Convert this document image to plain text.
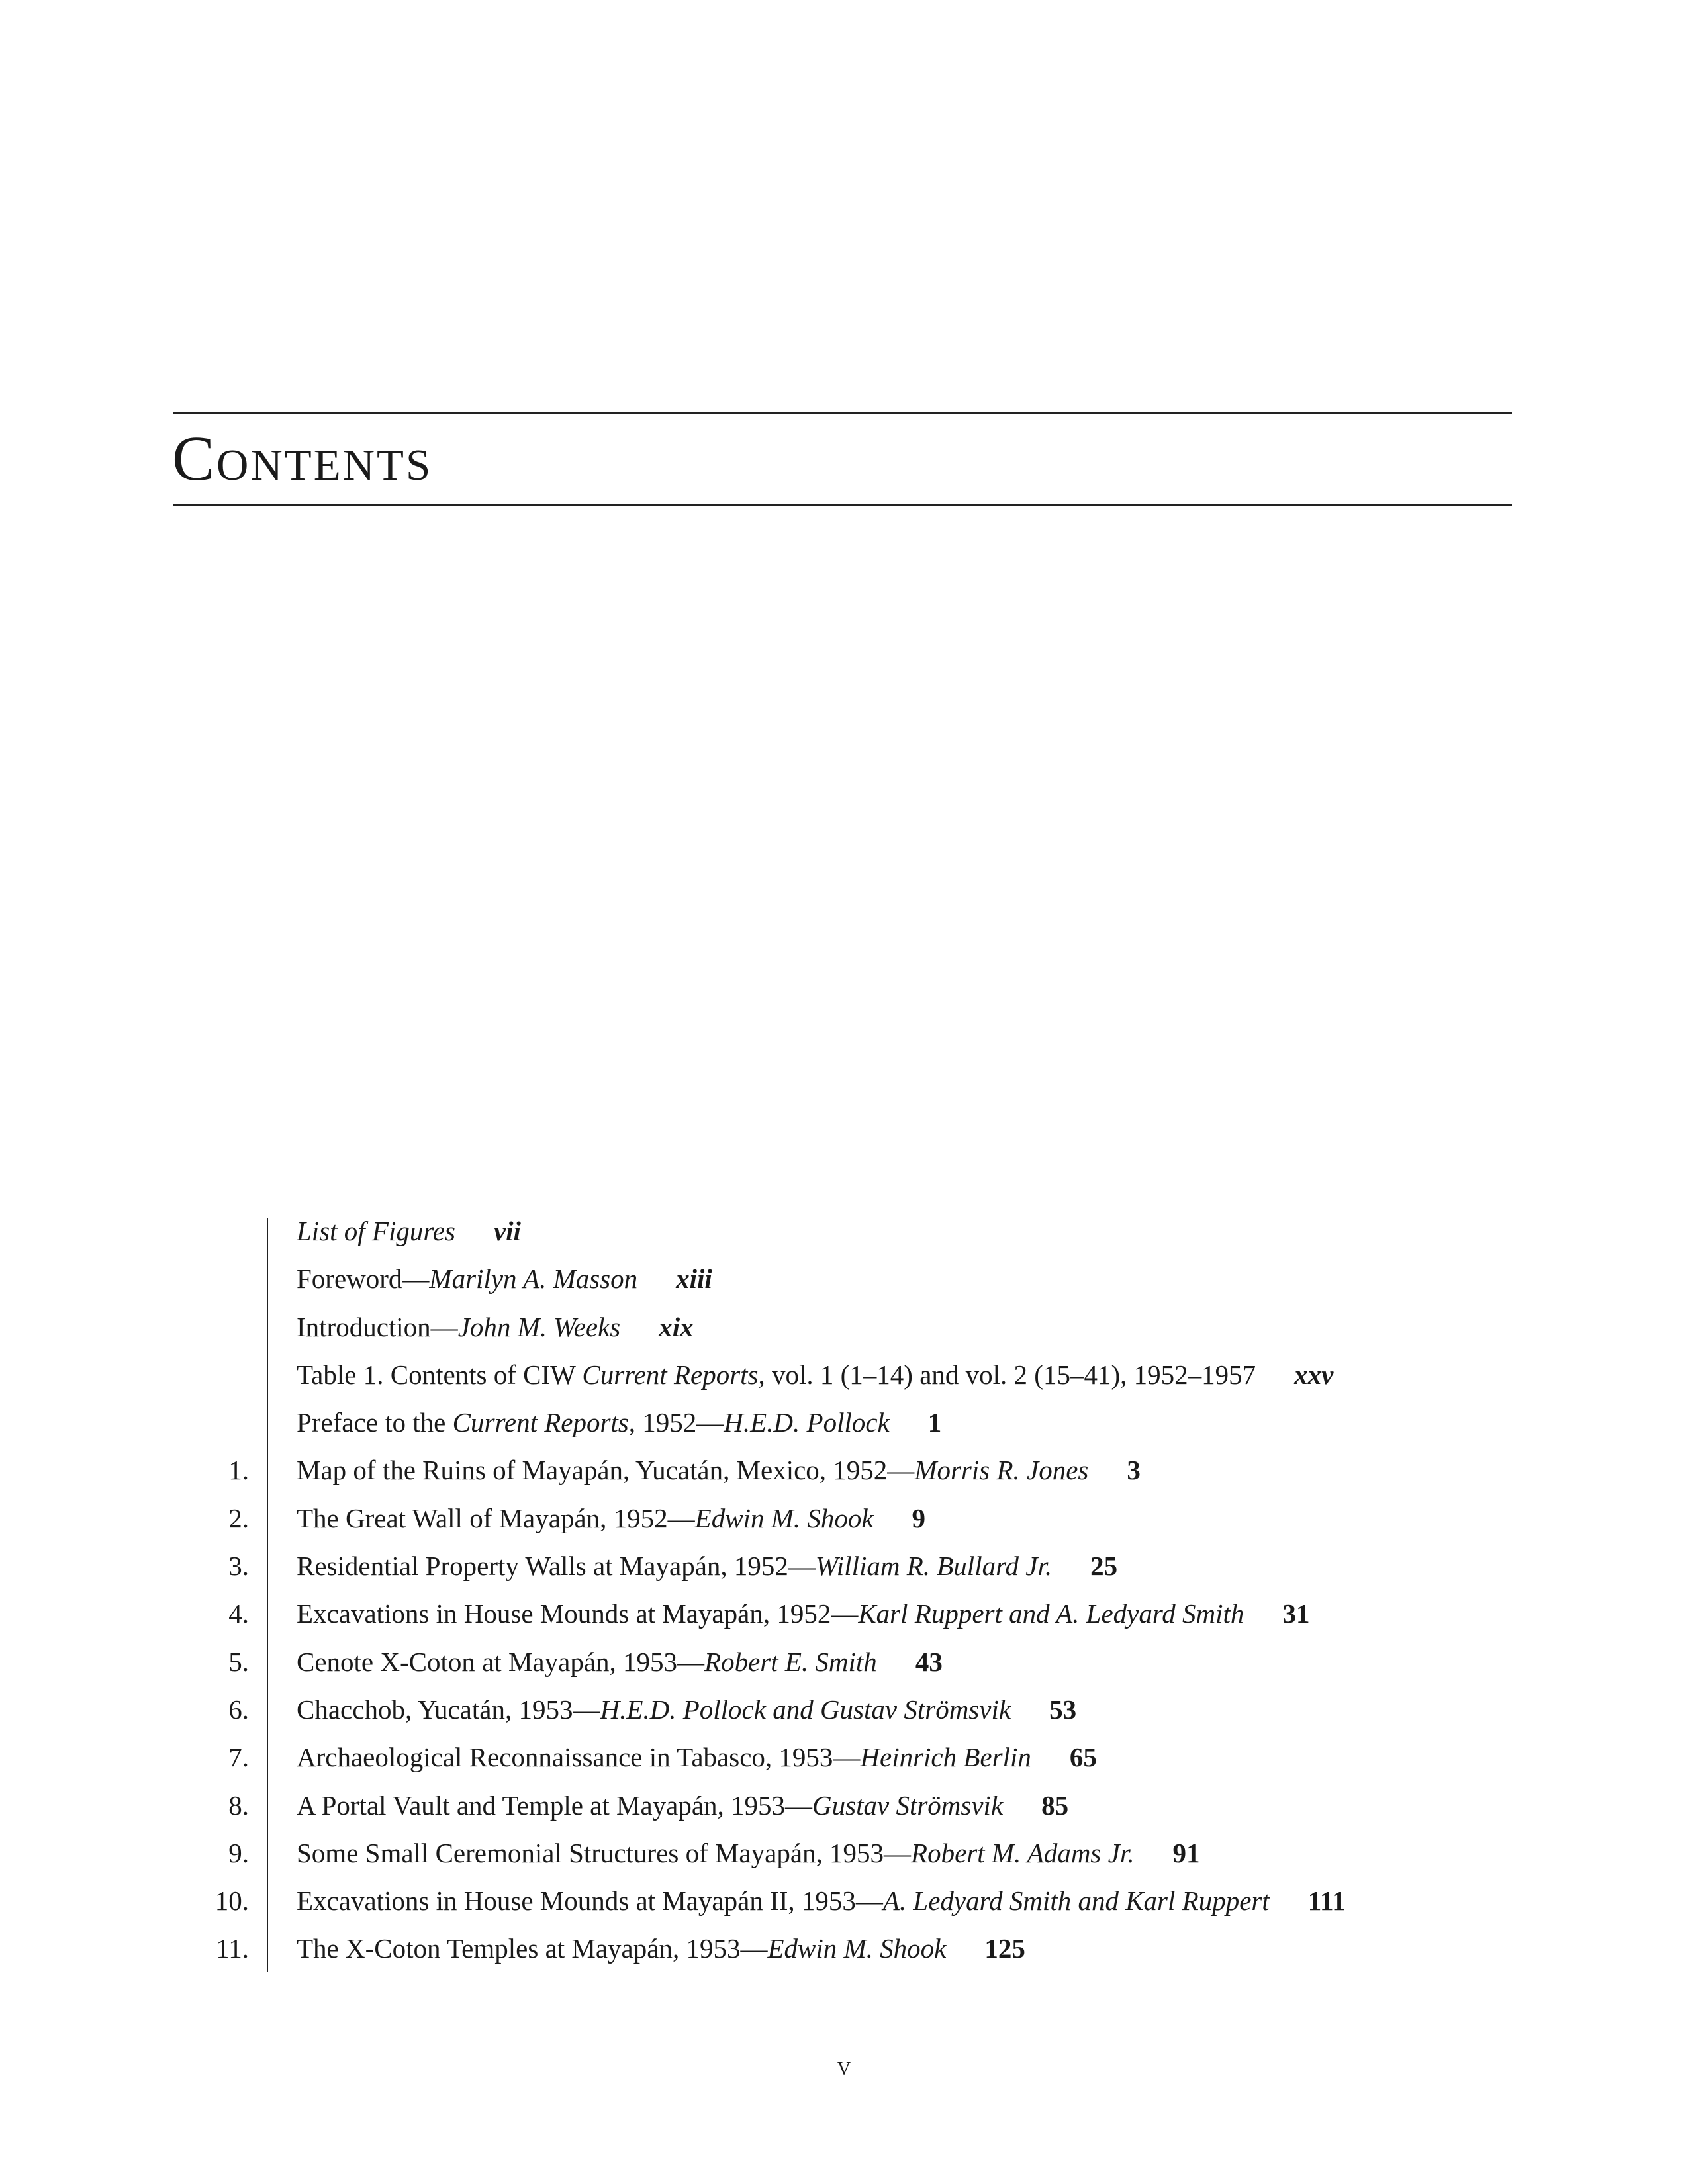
Contents
List of Figures vii
Foreword—Marilyn A. Masson xiii
Introduction—John M. Weeks xix
Table 1. Contents of CIW Current Reports, vol. 1 (1–14) and vol. 2 (15–41), 1952–1957 xxv
Preface to the Current Reports, 1952—H.E.D. Pollock 1
1. Map of the Ruins of Mayapán, Yucatán, Mexico, 1952—Morris R. Jones 3
2. The Great Wall of Mayapán, 1952—Edwin M. Shook 9
3. Residential Property Walls at Mayapán, 1952—William R. Bullard Jr. 25
4. Excavations in House Mounds at Mayapán, 1952—Karl Ruppert and A. Ledyard Smith 31
5. Cenote X-Coton at Mayapán, 1953—Robert E. Smith 43
6. Chacchob, Yucatán, 1953—H.E.D. Pollock and Gustav Strömsvik 53
7. Archaeological Reconnaissance in Tabasco, 1953—Heinrich Berlin 65
8. A Portal Vault and Temple at Mayapán, 1953—Gustav Strömsvik 85
9. Some Small Ceremonial Structures of Mayapán, 1953—Robert M. Adams Jr. 91
10. Excavations in House Mounds at Mayapán II, 1953—A. Ledyard Smith and Karl Ruppert 111
11. The X-Coton Temples at Mayapán, 1953—Edwin M. Shook 125
v
